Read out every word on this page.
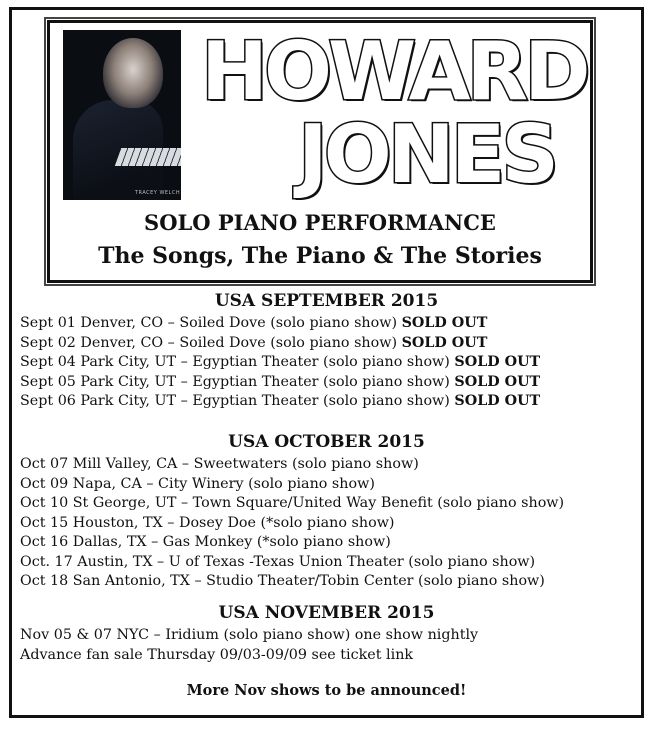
TRACEY WELCH
HOWARD
JONES
SOLO PIANO PERFORMANCE
The Songs, The Piano & The Stories
USA SEPTEMBER 2015
Sept 01 Denver, CO – Soiled Dove (solo piano show) SOLD OUT
Sept 02 Denver, CO – Soiled Dove (solo piano show) SOLD OUT
Sept 04 Park City, UT – Egyptian Theater (solo piano show) SOLD OUT
Sept 05 Park City, UT – Egyptian Theater (solo piano show) SOLD OUT
Sept 06 Park City, UT – Egyptian Theater (solo piano show) SOLD OUT
USA OCTOBER 2015
Oct 07 Mill Valley, CA – Sweetwaters (solo piano show)
Oct 09 Napa, CA – City Winery (solo piano show)
Oct 10 St George, UT – Town Square/United Way Benefit (solo piano show)
Oct 15 Houston, TX – Dosey Doe (*solo piano show)
Oct 16 Dallas, TX – Gas Monkey (*solo piano show)
Oct. 17 Austin, TX – U of Texas -Texas Union Theater (solo piano show)
Oct 18 San Antonio, TX – Studio Theater/Tobin Center (solo piano show)
USA NOVEMBER 2015
Nov 05 & 07 NYC – Iridium (solo piano show) one show nightly
Advance fan sale Thursday 09/03-09/09 see ticket link
More Nov shows to be announced!
